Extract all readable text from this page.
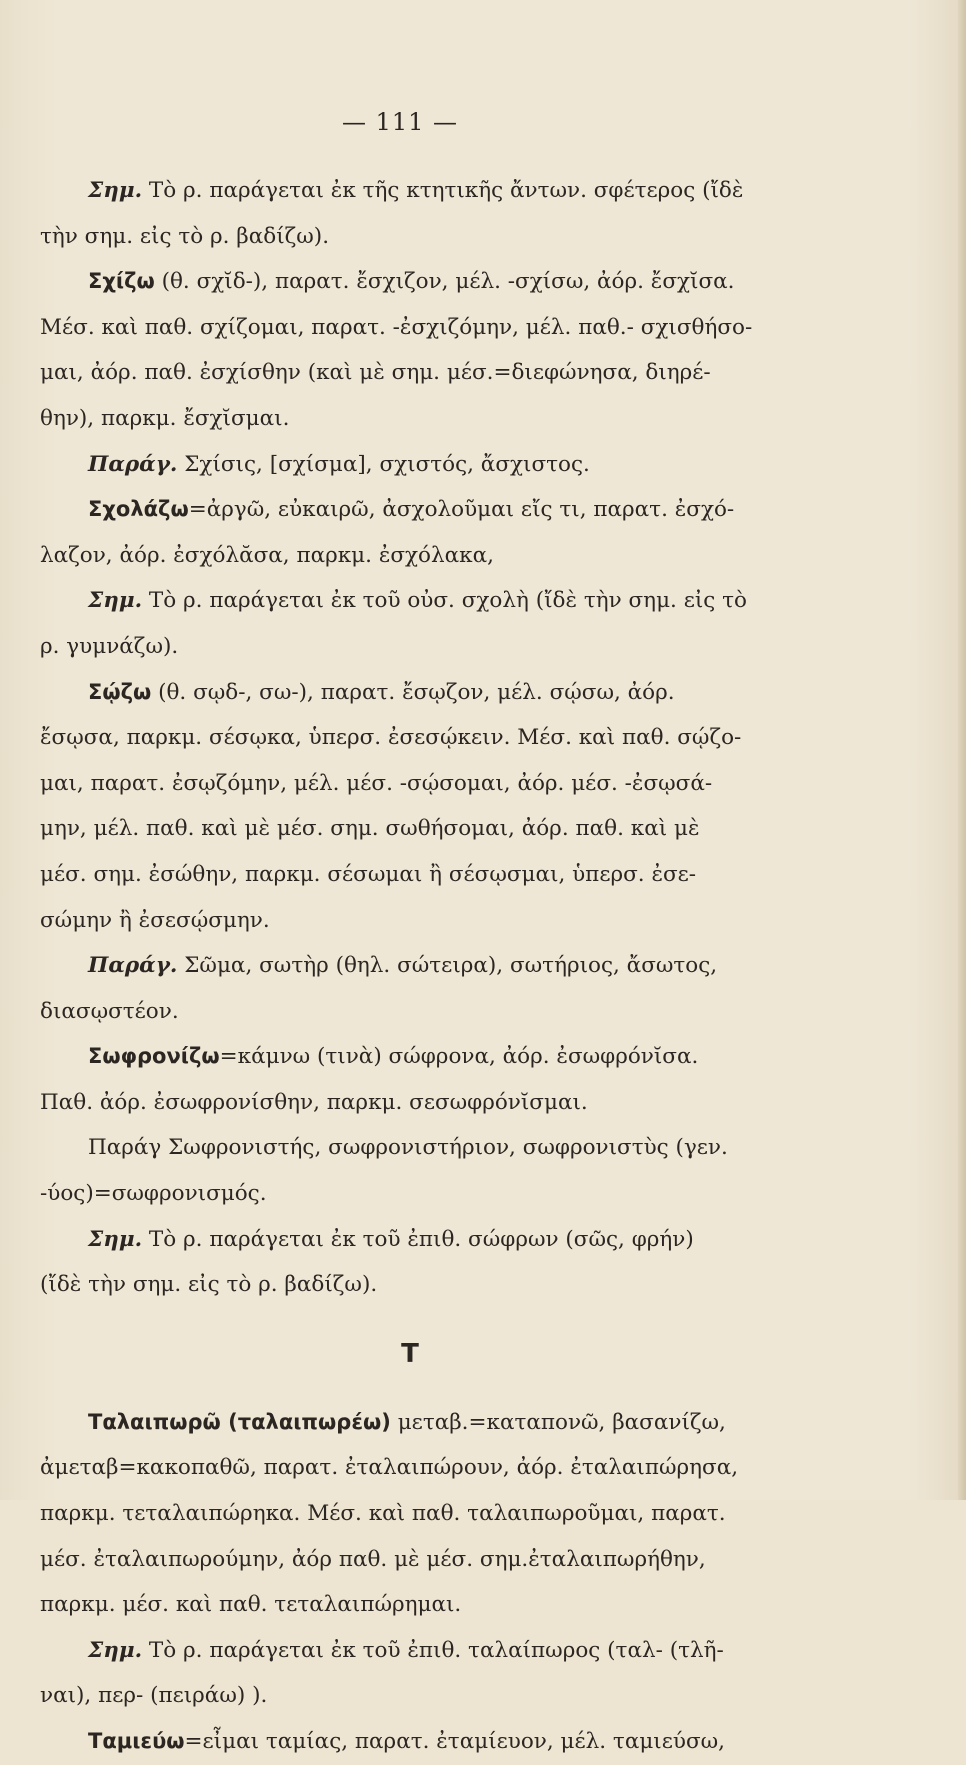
— 111 —
Σημ. Τὸ ρ. παράγεται ἐκ τῆς κτητικῆς ἄντων. σφέτερος (ἴδὲ
τὴν σημ. εἰς τὸ ρ. βαδίζω).
Σχίζω (θ. σχῐδ-), παρατ. ἔσχιζον, μέλ. -σχίσω, ἀόρ. ἔσχῐσα.
Μέσ. καὶ παθ. σχίζομαι, παρατ. -ἐσχιζόμην, μέλ. παθ.- σχισθήσο-
μαι, ἀόρ. παθ. ἐσχίσθην (καὶ μὲ σημ. μέσ.=διεφώνησα, διηρέ-
θην), παρκμ. ἔσχῐσμαι.
Παράγ. Σχίσις, [σχίσμα], σχιστός, ἄσχιστος.
Σχολάζω=ἀργῶ, εὐκαιρῶ, ἀσχολοῦμαι εἴς τι, παρατ. ἐσχό-
λαζον, ἀόρ. ἐσχόλᾰσα, παρκμ. ἐσχόλακα,
Σημ. Τὸ ρ. παράγεται ἐκ τοῦ οὐσ. σχολὴ (ἴδὲ τὴν σημ. εἰς τὸ
ρ. γυμνάζω).
Σῴζω (θ. σῳδ-, σω-), παρατ. ἔσῳζον, μέλ. σῴσω, ἀόρ.
ἔσῳσα, παρκμ. σέσῳκα, ὑπερσ. ἐσεσῴκειν. Μέσ. καὶ παθ. σῴζο-
μαι, παρατ. ἐσῳζόμην, μέλ. μέσ. -σῴσομαι, ἀόρ. μέσ. -ἐσῳσά-
μην, μέλ. παθ. καὶ μὲ μέσ. σημ. σωθήσομαι, ἀόρ. παθ. καὶ μὲ
μέσ. σημ. ἐσώθην, παρκμ. σέσωμαι ἢ σέσῳσμαι, ὑπερσ. ἐσε-
σώμην ἢ ἐσεσῴσμην.
Παράγ. Σῶμα, σωτὴρ (θηλ. σώτειρα), σωτήριος, ἄσωτος,
διασῳστέον.
Σωφρονίζω=κάμνω (τινὰ) σώφρονα, ἀόρ. ἐσωφρόνῐσα.
Παθ. ἀόρ. ἐσωφρονίσθην, παρκμ. σεσωφρόνῐσμαι.
Παράγ Σωφρονιστής, σωφρονιστήριον, σωφρονιστὺς (γεν.
-ύος)=σωφρονισμός.
Σημ. Τὸ ρ. παράγεται ἐκ τοῦ ἐπιθ. σώφρων (σῶς, φρήν)
(ἴδὲ τὴν σημ. εἰς τὸ ρ. βαδίζω).
Τ
Ταλαιπωρῶ (ταλαιπωρέω) μεταβ.=καταπονῶ, βασανίζω,
ἀμεταβ=κακοπαθῶ, παρατ. ἐταλαιπώρουν, ἀόρ. ἐταλαιπώρησα,
παρκμ. τεταλαιπώρηκα. Μέσ. καὶ παθ. ταλαιπωροῦμαι, παρατ.
μέσ. ἐταλαιπωρούμην, ἀόρ παθ. μὲ μέσ. σημ.ἐταλαιπωρήθην,
παρκμ. μέσ. καὶ παθ. τεταλαιπώρημαι.
Σημ. Τὸ ρ. παράγεται ἐκ τοῦ ἐπιθ. ταλαίπωρος (ταλ- (τλῆ-
ναι), περ- (πειράω) ).
Ταμιεύω=εἶμαι ταμίας, παρατ. ἐταμίευον, μέλ. ταμιεύσω,
